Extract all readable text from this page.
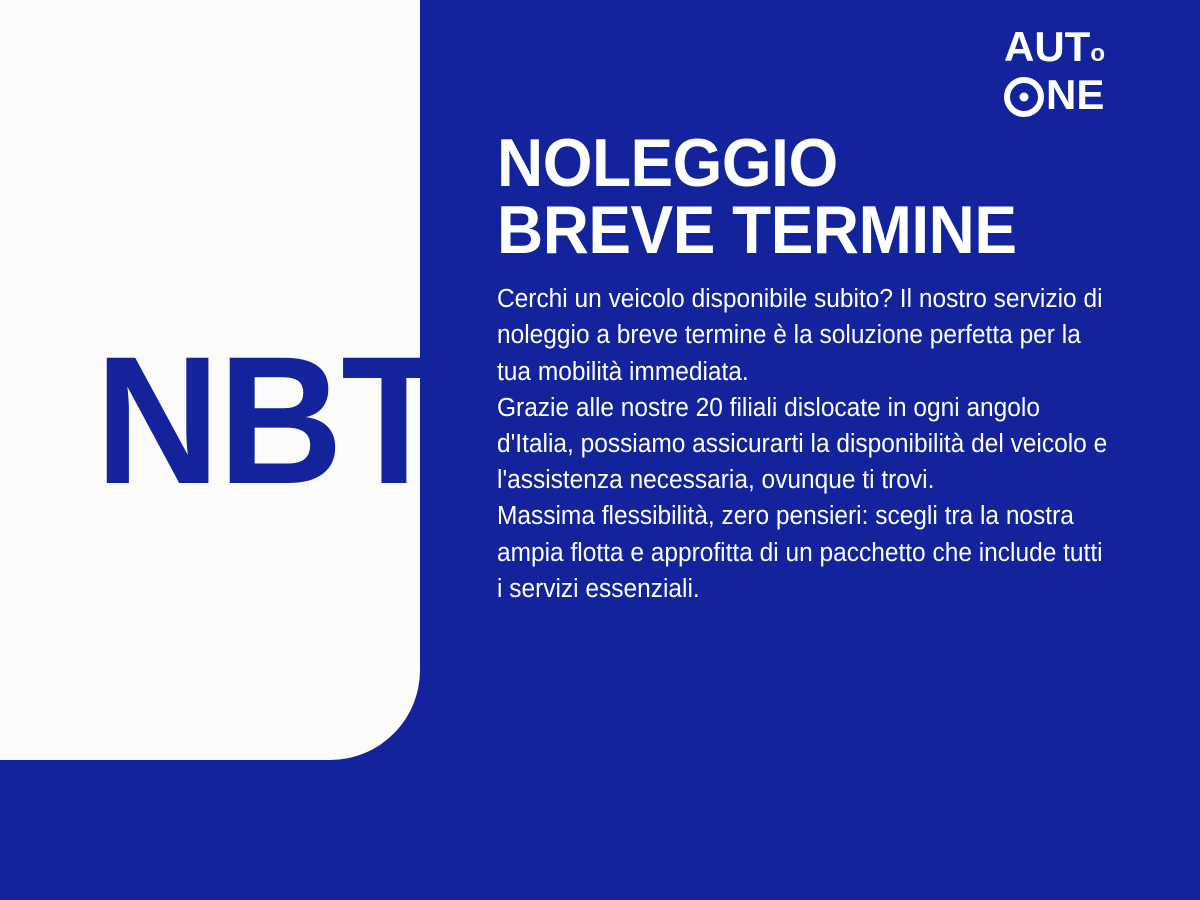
NBT
A UT o
NE
NOLEGGIO
BREVE TERMINE

Cerchi un veicolo disponibile subito? Il nostro servizio di noleggio a breve termine è la soluzione perfetta per la tua mobilità immediata.

Grazie alle nostre 20 filiali dislocate in ogni angolo d'Italia, possiamo assicurarti la disponibilità del veicolo e l'assistenza necessaria, ovunque ti trovi.

Massima flessibilità, zero pensieri: scegli tra la nostra ampia flotta e approfitta di un pacchetto che include tutti i servizi essenziali.
